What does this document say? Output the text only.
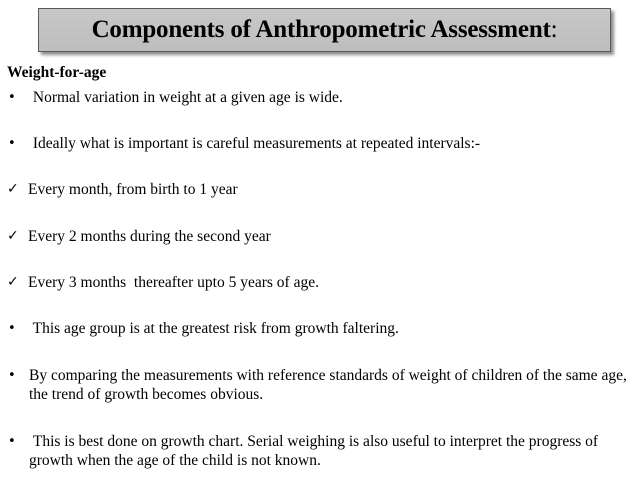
Components of Anthropometric Assessment:
Weight-for-age
• Normal variation in weight at a given age is wide.
• Ideally what is important is careful measurements at repeated intervals:-
✓ Every month, from birth to 1 year
✓ Every 2 months during the second year
✓ Every 3 months  thereafter upto 5 years of age.
• This age group is at the greatest risk from growth faltering.
• By comparing the measurements with reference standards of weight of children of the same age, the trend of growth becomes obvious.
• This is best done on growth chart. Serial weighing is also useful to interpret the progress of growth when the age of the child is not known.
